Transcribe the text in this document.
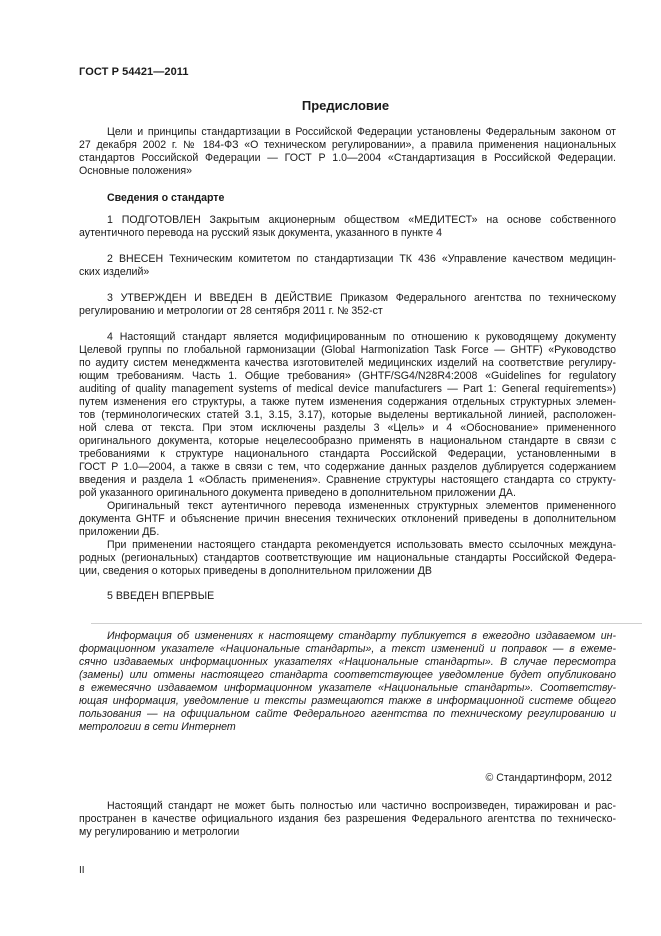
ГОСТ Р 54421—2011
Предисловие
Цели и принципы стандартизации в Российской Федерации установлены Федеральным законом от
27 декабря 2002 г. № 184-ФЗ «О техническом регулировании», а правила применения национальных
стандартов Российской Федерации — ГОСТ Р 1.0—2004 «Стандартизация в Российской Федерации.
Основные положения»
Сведения о стандарте
1 ПОДГОТОВЛЕН Закрытым акционерным обществом «МЕДИТЕСТ» на основе собственного
аутентичного перевода на русский язык документа, указанного в пункте 4
2 ВНЕСЕН Техническим комитетом по стандартизации ТК 436 «Управление качеством медицин-
ских изделий»
3 УТВЕРЖДЕН И ВВЕДЕН В ДЕЙСТВИЕ Приказом Федерального агентства по техническому
регулированию и метрологии от 28 сентября 2011 г. № 352-ст
4 Настоящий стандарт является модифицированным по отношению к руководящему документу
Целевой группы по глобальной гармонизации (Global Harmonization Task Force — GHTF) «Руководство
по аудиту систем менеджмента качества изготовителей медицинских изделий на соответствие регулиру-
ющим требованиям. Часть 1. Общие требования» (GHTF/SG4/N28R4:2008 «Guidelines for regulatory
auditing of quality management systems of medical device manufacturers — Part 1: General requirements»)
путем изменения его структуры, а также путем изменения содержания отдельных структурных элемен-
тов (терминологических статей 3.1, 3.15, 3.17), которые выделены вертикальной линией, расположен-
ной слева от текста. При этом исключены разделы 3 «Цель» и 4 «Обоснование» примененного
оригинального документа, которые нецелесообразно применять в национальном стандарте в связи с
требованиями к структуре национального стандарта Российской Федерации, установленными в
ГОСТ Р 1.0—2004, а также в связи с тем, что содержание данных разделов дублируется содержанием
введения и раздела 1 «Область применения». Сравнение структуры настоящего стандарта со структу-
рой указанного оригинального документа приведено в дополнительном приложении ДА.
Оригинальный текст аутентичного перевода измененных структурных элементов примененного
документа GHTF и объяснение причин внесения технических отклонений приведены в дополнительном
приложении ДБ.
При применении настоящего стандарта рекомендуется использовать вместо ссылочных междуна-
родных (региональных) стандартов соответствующие им национальные стандарты Российской Федера-
ции, сведения о которых приведены в дополнительном приложении ДВ
5 ВВЕДЕН ВПЕРВЫЕ
Информация об изменениях к настоящему стандарту публикуется в ежегодно издаваемом ин-
формационном указателе «Национальные стандарты», а текст изменений и поправок — в ежеме-
сячно издаваемых информационных указателях «Национальные стандарты». В случае пересмотра
(замены) или отмены настоящего стандарта соответствующее уведомление будет опубликовано
в ежемесячно издаваемом информационном указателе «Национальные стандарты». Соответству-
ющая информация, уведомление и тексты размещаются также в информационной системе общего
пользования — на официальном сайте Федерального агентства по техническому регулированию и
метрологии в сети Интернет
© Стандартинформ, 2012
Настоящий стандарт не может быть полностью или частично воспроизведен, тиражирован и рас-
пространен в качестве официального издания без разрешения Федерального агентства по техническо-
му регулированию и метрологии
II
